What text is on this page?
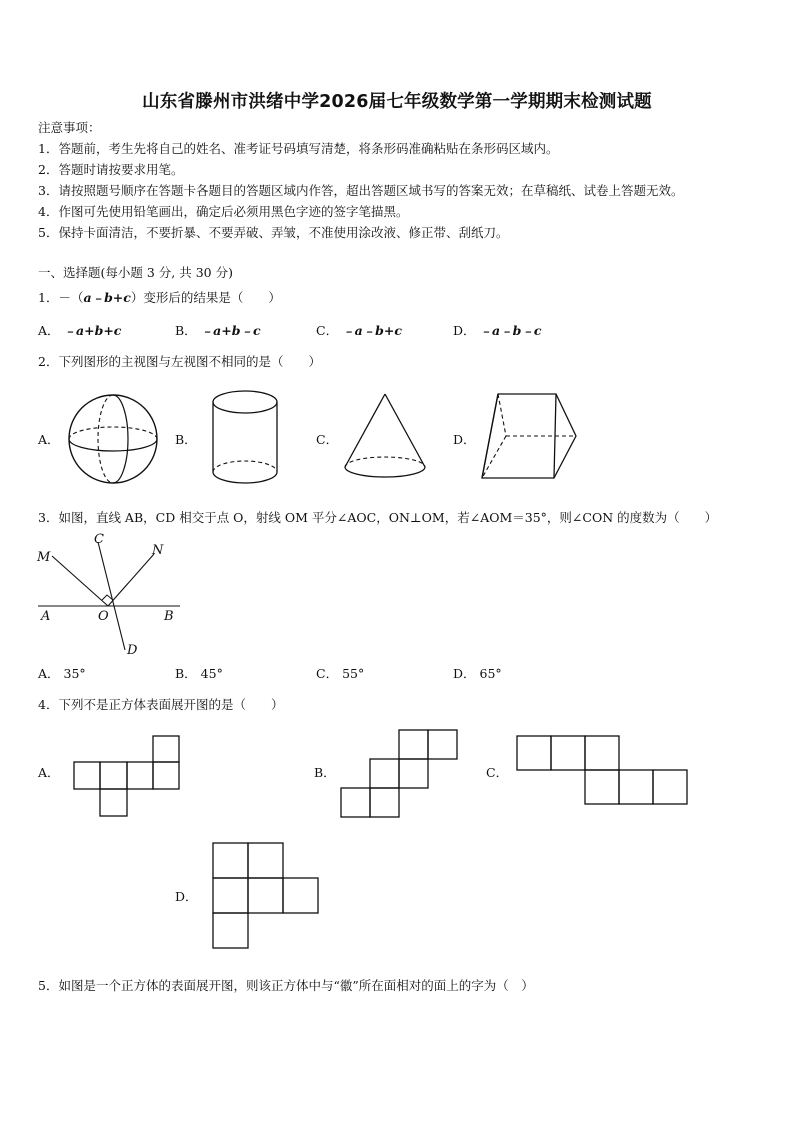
山东省滕州市洪绪中学2026届七年级数学第一学期期末检测试题
注意事项：
1．答题前，考生先将自己的姓名、准考证号码填写清楚，将条形码准确粘贴在条形码区域内。
2．答题时请按要求用笔。
3．请按照题号顺序在答题卡各题目的答题区域内作答，超出答题区域书写的答案无效；在草稿纸、试卷上答题无效。
4．作图可先使用铅笔画出，确定后必须用黑色字迹的签字笔描黑。
5．保持卡面清洁，不要折暴、不要弄破、弄皱，不准使用涂改液、修正带、刮纸刀。
一、选择题(每小题 3 分, 共 30 分)
1．－（a﹣b+c）变形后的结果是（　　）
A． ﹣a+b+c	B． ﹣a+b﹣c	C． ﹣a﹣b+c	D． ﹣a﹣b﹣c
2．下列图形的主视图与左视图不相同的是（　　）
A．	B．	C．	D．
3．如图，直线 AB，CD 相交于点 O，射线 OM 平分∠AOC，ON⊥OM，若∠AOM＝35°，则∠CON 的度数为（　　）
M
C
N
A	O	B
D
A． 35°	B． 45°	C． 55°	D． 65°
4．下列不是正方体表面展开图的是（　　）
A．	B．	C．
D．
5．如图是一个正方体的表面展开图，则该正方体中与“徽”所在面相对的面上的字为（　）
